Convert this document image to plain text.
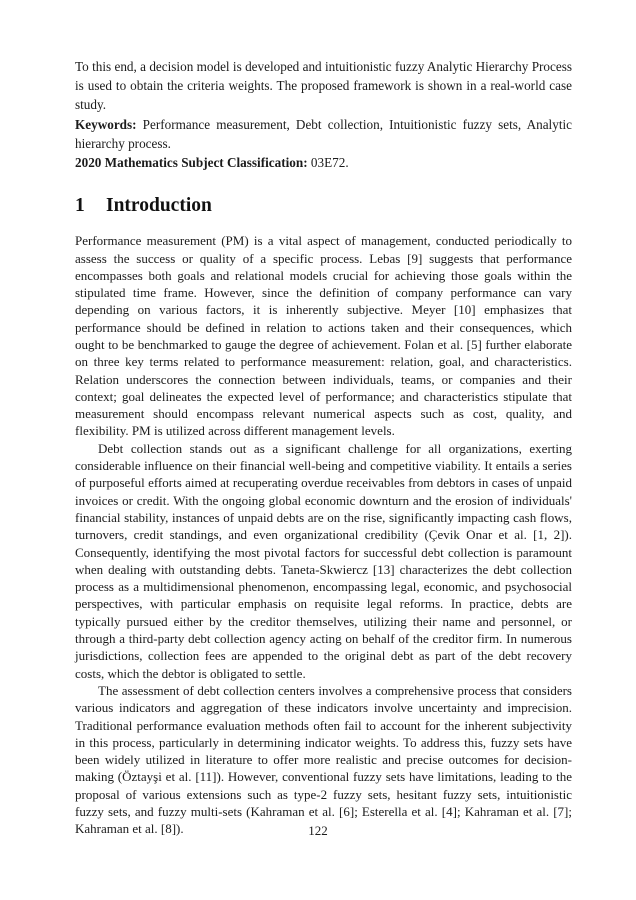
To this end, a decision model is developed and intuitionistic fuzzy Analytic Hierarchy Process is used to obtain the criteria weights. The proposed framework is shown in a real-world case study.

Keywords: Performance measurement, Debt collection, Intuitionistic fuzzy sets, Analytic hierarchy process.

2020 Mathematics Subject Classification: 03E72.

1 Introduction

Performance measurement (PM) is a vital aspect of management, conducted periodically to assess the success or quality of a specific process. Lebas [9] suggests that performance encompasses both goals and relational models crucial for achieving those goals within the stipulated time frame. However, since the definition of company performance can vary depending on various factors, it is inherently subjective. Meyer [10] emphasizes that performance should be defined in relation to actions taken and their consequences, which ought to be benchmarked to gauge the degree of achievement. Folan et al. [5] further elaborate on three key terms related to performance measurement: relation, goal, and characteristics. Relation underscores the connection between individuals, teams, or companies and their context; goal delineates the expected level of performance; and characteristics stipulate that measurement should encompass relevant numerical aspects such as cost, quality, and flexibility. PM is utilized across different management levels.

Debt collection stands out as a significant challenge for all organizations, exerting considerable influence on their financial well-being and competitive viability. It entails a series of purposeful efforts aimed at recuperating overdue receivables from debtors in cases of unpaid invoices or credit. With the ongoing global economic downturn and the erosion of individuals' financial stability, instances of unpaid debts are on the rise, significantly impacting cash flows, turnovers, credit standings, and even organizational credibility (Çevik Onar et al. [1, 2]). Consequently, identifying the most pivotal factors for successful debt collection is paramount when dealing with outstanding debts. Taneta-Skwiercz [13] characterizes the debt collection process as a multidimensional phenomenon, encompassing legal, economic, and psychosocial perspectives, with particular emphasis on requisite legal reforms. In practice, debts are typically pursued either by the creditor themselves, utilizing their name and personnel, or through a third-party debt collection agency acting on behalf of the creditor firm. In numerous jurisdictions, collection fees are appended to the original debt as part of the debt recovery costs, which the debtor is obligated to settle.

The assessment of debt collection centers involves a comprehensive process that considers various indicators and aggregation of these indicators involve uncertainty and imprecision. Traditional performance evaluation methods often fail to account for the inherent subjectivity in this process, particularly in determining indicator weights. To address this, fuzzy sets have been widely utilized in literature to offer more realistic and precise outcomes for decision-making (Öztayşi et al. [11]). However, conventional fuzzy sets have limitations, leading to the proposal of various extensions such as type-2 fuzzy sets, hesitant fuzzy sets, intuitionistic fuzzy sets, and fuzzy multi-sets (Kahraman et al. [6]; Esterella et al. [4]; Kahraman et al. [7]; Kahraman et al. [8]).	122
